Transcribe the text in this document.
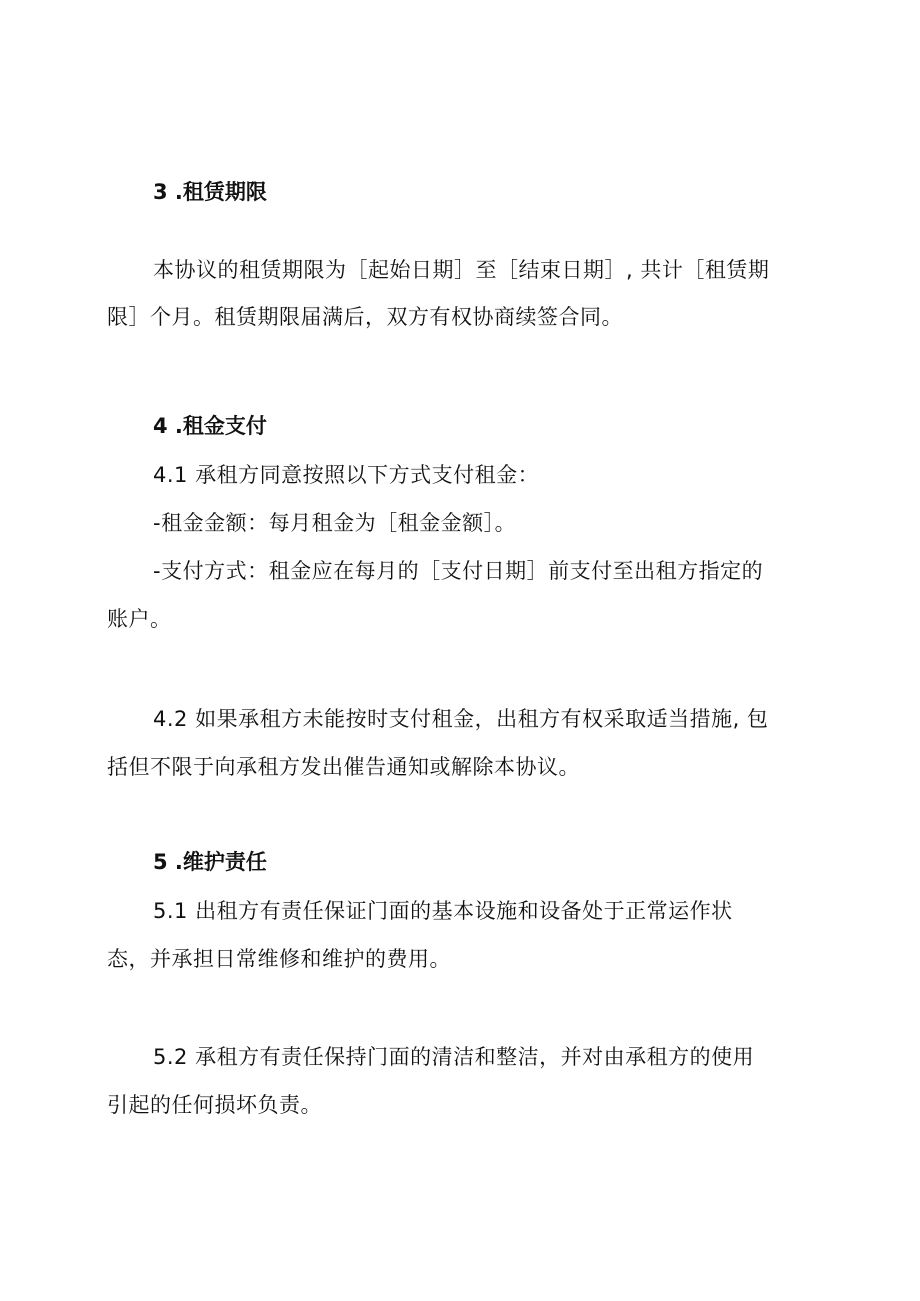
3 .租赁期限
本协议的租赁期限为［起始日期］至［结束日期］, 共计［租赁期
限］个月。租赁期限届满后，双方有权协商续签合同。
4 .租金支付
4.1 承租方同意按照以下方式支付租金：
-租金金额：每月租金为［租金金额］。
-支付方式：租金应在每月的［支付日期］前支付至出租方指定的
账户。
4.2 如果承租方未能按时支付租金，出租方有权采取适当措施, 包
括但不限于向承租方发出催告通知或解除本协议。
5 .维护责任
5.1 出租方有责任保证门面的基本设施和设备处于正常运作状
态，并承担日常维修和维护的费用。
5.2 承租方有责任保持门面的清洁和整洁，并对由承租方的使用
引起的任何损坏负责。
